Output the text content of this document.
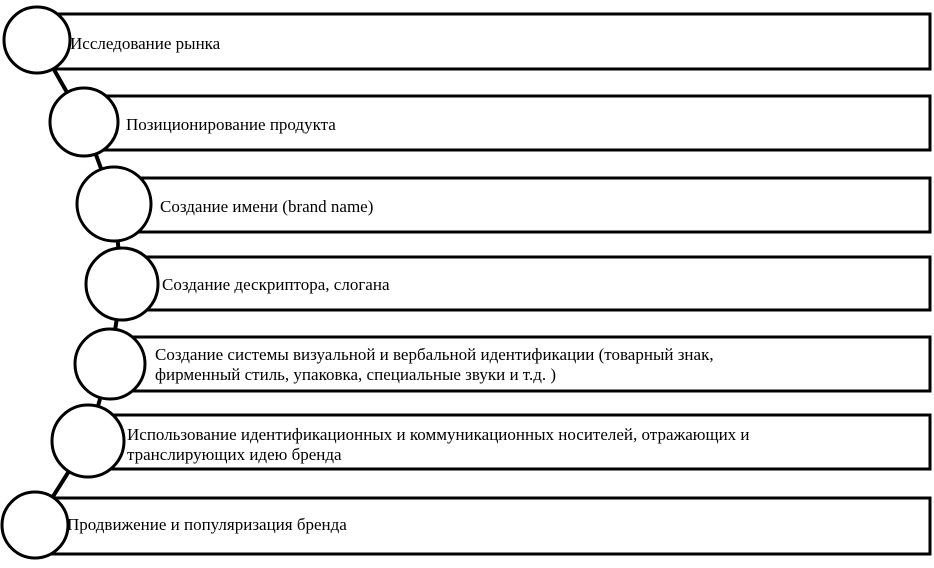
Исследование рынка
Позиционирование продукта
Создание имени (brand name)
Создание дескриптора, слогана
Создание системы визуальной и вербальной идентификации (товарный знак,
фирменный стиль, упаковка, специальные звуки и т.д. )
Использование идентификационных и коммуникационных носителей, отражающих и
транслирующих идею бренда
Продвижение и популяризация бренда
